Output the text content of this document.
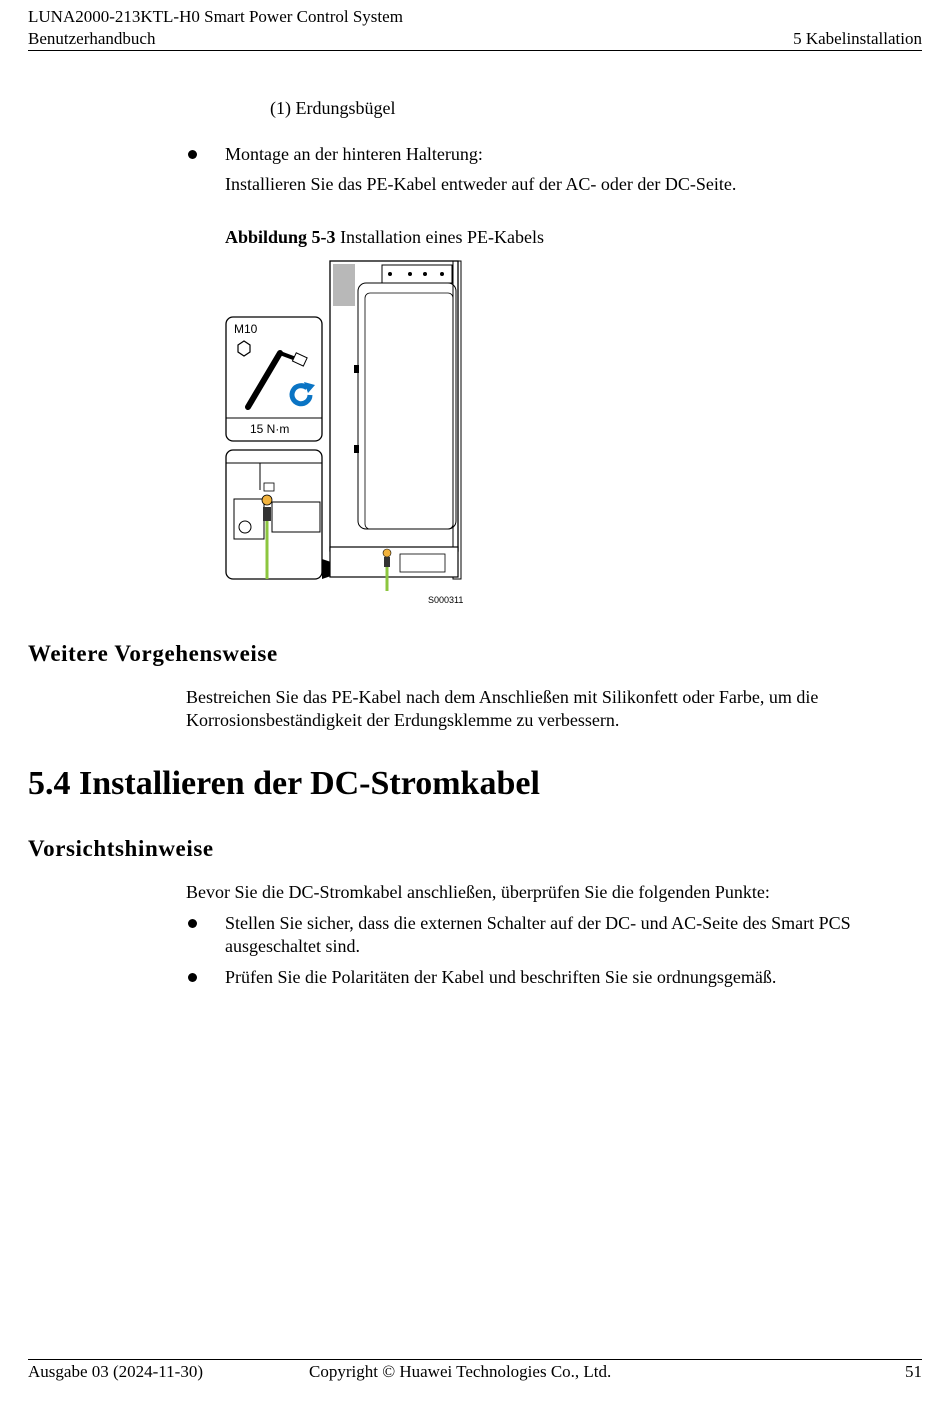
LUNA2000-213KTL-H0 Smart Power Control System
Benutzerhandbuch	5 Kabelinstallation
(1) Erdungsbügel
Montage an der hinteren Halterung:
Installieren Sie das PE-Kabel entweder auf der AC- oder der DC-Seite.
Abbildung 5-3 Installation eines PE-Kabels
M10
15 N·m
S000311
Weitere Vorgehensweise
Bestreichen Sie das PE-Kabel nach dem Anschließen mit Silikonfett oder Farbe, um die
Korrosionsbeständigkeit der Erdungsklemme zu verbessern.
5.4 Installieren der DC-Stromkabel
Vorsichtshinweise
Bevor Sie die DC-Stromkabel anschließen, überprüfen Sie die folgenden Punkte:
Stellen Sie sicher, dass die externen Schalter auf der DC- und AC-Seite des Smart PCS
ausgeschaltet sind.
Prüfen Sie die Polaritäten der Kabel und beschriften Sie sie ordnungsgemäß.
Ausgabe 03 (2024-11-30)	Copyright © Huawei Technologies Co., Ltd.	51
